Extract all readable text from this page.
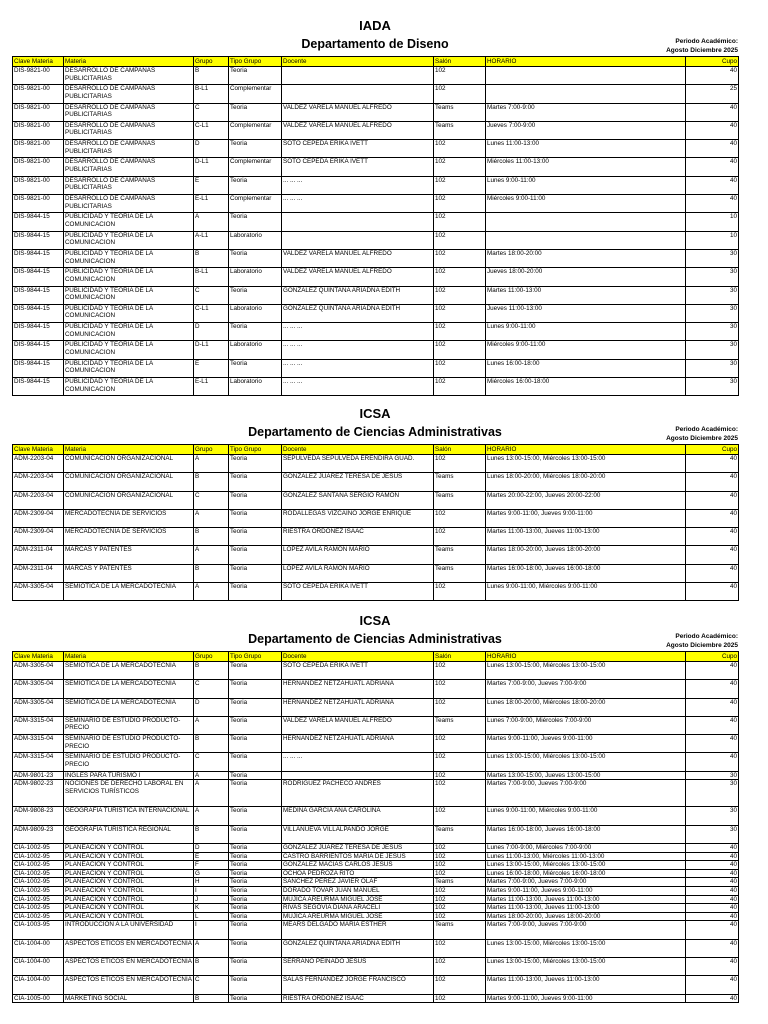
IADA
Departamento de Diseno	Periodo Académico:
Agosto Diciembre 2025
Clave Materia	Materia	Grupo	Tipo Grupo	Docente	Salón	HORARIO	Cupo
DIS-9821-00	DESARROLLO DE CAMPAÑAS PUBLICITARIAS	B	Teoria		102		40
DIS-9821-00	DESARROLLO DE CAMPAÑAS PUBLICITARIAS	B-L1	Complementar		102		25
DIS-9821-00	DESARROLLO DE CAMPAÑAS PUBLICITARIAS	C	Teoria	VALDEZ VARELA MANUEL ALFREDO	Teams	Martes 7:00-9:00	40
DIS-9821-00	DESARROLLO DE CAMPAÑAS PUBLICITARIAS	C-L1	Complementar	VALDEZ VARELA MANUEL ALFREDO	Teams	Jueves 7:00-9:00	40
DIS-9821-00	DESARROLLO DE CAMPAÑAS PUBLICITARIAS	D	Teoria	SOTO CEPEDA ERIKA IVETT	102	Lunes 11:00-13:00	40
DIS-9821-00	DESARROLLO DE CAMPAÑAS PUBLICITARIAS	D-L1	Complementar	SOTO CEPEDA ERIKA IVETT	102	Miércoles 11:00-13:00	40
DIS-9821-00	DESARROLLO DE CAMPAÑAS PUBLICITARIAS	E	Teoria	... ... ...	102	Lunes 9:00-11:00	40
DIS-9821-00	DESARROLLO DE CAMPAÑAS PUBLICITARIAS	E-L1	Complementar	... ... ...	102	Miércoles 9:00-11:00	40
DIS-9844-15	PUBLICIDAD Y TEORIA DE LA COMUNICACION	A	Teoria		102		10
DIS-9844-15	PUBLICIDAD Y TEORIA DE LA COMUNICACION	A-L1	Laboratorio		102		10
DIS-9844-15	PUBLICIDAD Y TEORIA DE LA COMUNICACION	B	Teoria	VALDEZ VARELA MANUEL ALFREDO	102	Martes 18:00-20:00	30
DIS-9844-15	PUBLICIDAD Y TEORIA DE LA COMUNICACION	B-L1	Laboratorio	VALDEZ VARELA MANUEL ALFREDO	102	Jueves 18:00-20:00	30
DIS-9844-15	PUBLICIDAD Y TEORIA DE LA COMUNICACION	C	Teoria	GONZALEZ QUINTANA ARIADNA EDITH	102	Martes 11:00-13:00	30
DIS-9844-15	PUBLICIDAD Y TEORIA DE LA COMUNICACION	C-L1	Laboratorio	GONZALEZ QUINTANA ARIADNA EDITH	102	Jueves 11:00-13:00	30
DIS-9844-15	PUBLICIDAD Y TEORIA DE LA COMUNICACION	D	Teoria	... ... ...	102	Lunes 9:00-11:00	30
DIS-9844-15	PUBLICIDAD Y TEORIA DE LA COMUNICACION	D-L1	Laboratorio	... ... ...	102	Miércoles 9:00-11:00	30
DIS-9844-15	PUBLICIDAD Y TEORIA DE LA COMUNICACION	E	Teoria	... ... ...	102	Lunes 16:00-18:00	30
DIS-9844-15	PUBLICIDAD Y TEORIA DE LA COMUNICACION	E-L1	Laboratorio	... ... ...	102	Miércoles 16:00-18:00	30
ICSA
Departamento de Ciencias Administrativas	Periodo Académico:
Agosto Diciembre 2025
Clave Materia	Materia	Grupo	Tipo Grupo	Docente	Salón	HORARIO	Cupo
ADM-2203-04	COMUNICACION ORGANIZACIONAL	A	Teoria	SEPULVEDA SEPULVEDA ERENDIRA GUAD.	102	Lunes 13:00-15:00, Miércoles 13:00-15:00	40
ADM-2203-04	COMUNICACION ORGANIZACIONAL	B	Teoria	GONZALEZ JUAREZ TERESA DE JESUS	Teams	Lunes 18:00-20:00, Miércoles 18:00-20:00	40
ADM-2203-04	COMUNICACION ORGANIZACIONAL	C	Teoria	GONZALEZ SANTANA SERGIO RAMON	Teams	Martes 20:00-22:00, Jueves 20:00-22:00	40
ADM-2309-04	MERCADOTECNIA DE SERVICIOS	A	Teoria	RODALLEGAS VIZCAINO JORGE ENRIQUE	102	Martes 9:00-11:00, Jueves 9:00-11:00	40
ADM-2309-04	MERCADOTECNIA DE SERVICIOS	B	Teoria	RIESTRA ORDOÑEZ ISAAC	102	Martes 11:00-13:00, Jueves 11:00-13:00	40
ADM-2311-04	MARCAS Y PATENTES	A	Teoria	LOPEZ AVILA RAMON MARIO	Teams	Martes 18:00-20:00, Jueves 18:00-20:00	40
ADM-2311-04	MARCAS Y PATENTES	B	Teoria	LOPEZ AVILA RAMON MARIO	Teams	Martes 16:00-18:00, Jueves 16:00-18:00	40
ADM-3305-04	SEMIOTICA DE LA MERCADOTECNIA	A	Teoria	SOTO CEPEDA ERIKA IVETT	102	Lunes 9:00-11:00, Miércoles 9:00-11:00	40
ICSA
Departamento de Ciencias Administrativas	Periodo Académico:
Agosto Diciembre 2025
Clave Materia	Materia	Grupo	Tipo Grupo	Docente	Salón	HORARIO	Cupo
ADM-3305-04	SEMIOTICA DE LA MERCADOTECNIA	B	Teoria	SOTO CEPEDA ERIKA IVETT	102	Lunes 13:00-15:00, Miércoles 13:00-15:00	40
ADM-3305-04	SEMIOTICA DE LA MERCADOTECNIA	C	Teoria	HERNANDEZ NETZAHUATL ADRIANA	102	Martes 7:00-9:00, Jueves 7:00-9:00	40
ADM-3305-04	SEMIOTICA DE LA MERCADOTECNIA	D	Teoria	HERNANDEZ NETZAHUATL ADRIANA	102	Lunes 18:00-20:00, Miércoles 18:00-20:00	40
ADM-3315-04	SEMINARIO DE ESTUDIO PRODUCTO-PRECIO	A	Teoria	VALDEZ VARELA MANUEL ALFREDO	Teams	Lunes 7:00-9:00, Miércoles 7:00-9:00	40
ADM-3315-04	SEMINARIO DE ESTUDIO PRODUCTO-PRECIO	B	Teoria	HERNANDEZ NETZAHUATL ADRIANA	102	Martes 9:00-11:00, Jueves 9:00-11:00	40
ADM-3315-04	SEMINARIO DE ESTUDIO PRODUCTO-PRECIO	C	Teoria	... ... ...	102	Lunes 13:00-15:00, Miércoles 13:00-15:00	40
ADM-9801-23	INGLES PARA TURISMO I	A	Teoria		102	Martes 13:00-15:00, Jueves 13:00-15:00	30
ADM-9802-23	NOCIONES DE DERECHO LABORAL EN SERVICIOS TURÍSTICOS	A	Teoria	RODRIGUEZ PACHECO ANDRES	102	Martes 7:00-9:00, Jueves 7:00-9:00	30
ADM-9808-23	GEOGRAFIA TURISTICA INTERNACIONAL	A	Teoria	MEDINA GARCIA ANA CAROLINA	102	Lunes 9:00-11:00, Miércoles 9:00-11:00	30
ADM-9809-23	GEOGRAFIA TURISTICA REGIONAL	B	Teoria	VILLANUEVA VILLALPANDO JORGE	Teams	Martes 16:00-18:00, Jueves 16:00-18:00	30
CIA-1002-95	PLANEACION Y CONTROL	D	Teoria	GONZALEZ JUAREZ TERESA DE JESUS	102	Lunes 7:00-9:00, Miércoles 7:00-9:00	40
CIA-1002-95	PLANEACION Y CONTROL	E	Teoria	CASTRO BARRIENTOS MARIA DE JESUS	102	Lunes 11:00-13:00, Miércoles 11:00-13:00	40
CIA-1002-95	PLANEACION Y CONTROL	F	Teoria	GONZALEZ MACIAS CARLOS JESUS	102	Lunes 13:00-15:00, Miércoles 13:00-15:00	40
CIA-1002-95	PLANEACION Y CONTROL	G	Teoria	OCHOA PEDROZA RITO	102	Lunes 16:00-18:00, Miércoles 16:00-18:00	40
CIA-1002-95	PLANEACION Y CONTROL	H	Teoria	SANCHEZ PEREZ JAVIER OLAF	Teams	Martes 7:00-9:00, Jueves 7:00-9:00	40
CIA-1002-95	PLANEACION Y CONTROL	I	Teoria	DORADO TOVAR JUAN MANUEL	102	Martes 9:00-11:00, Jueves 9:00-11:00	40
CIA-1002-95	PLANEACION Y CONTROL	J	Teoria	MUJICA AREURMA MIGUEL JOSE	102	Martes 11:00-13:00, Jueves 11:00-13:00	40
CIA-1002-95	PLANEACION Y CONTROL	K	Teoria	RIVAS SEGOVIA DIANA ARACELI	102	Martes 11:00-13:00, Jueves 11:00-13:00	40
CIA-1002-95	PLANEACION Y CONTROL	L	Teoria	MUJICA AREURMA MIGUEL JOSE	102	Martes 18:00-20:00, Jueves 18:00-20:00	40
CIA-1003-95	INTRODUCCION A LA UNIVERSIDAD	I	Teoria	MEARS DELGADO MARIA ESTHER	Teams	Martes 7:00-9:00, Jueves 7:00-9:00	40
CIA-1004-00	ASPECTOS ETICOS EN MERCADOTECNIA	A	Teoria	GONZALEZ QUINTANA ARIADNA EDITH	102	Lunes 13:00-15:00, Miércoles 13:00-15:00	40
CIA-1004-00	ASPECTOS ETICOS EN MERCADOTECNIA	B	Teoria	SERRANO PEINADO JESUS	102	Lunes 13:00-15:00, Miércoles 13:00-15:00	40
CIA-1004-00	ASPECTOS ETICOS EN MERCADOTECNIA	C	Teoria	SALAS FERNANDEZ JORGE FRANCISCO	102	Martes 11:00-13:00, Jueves 11:00-13:00	40
CIA-1005-00	MARKETING SOCIAL	B	Teoria	RIESTRA ORDOÑEZ ISAAC	102	Martes 9:00-11:00, Jueves 9:00-11:00	40
